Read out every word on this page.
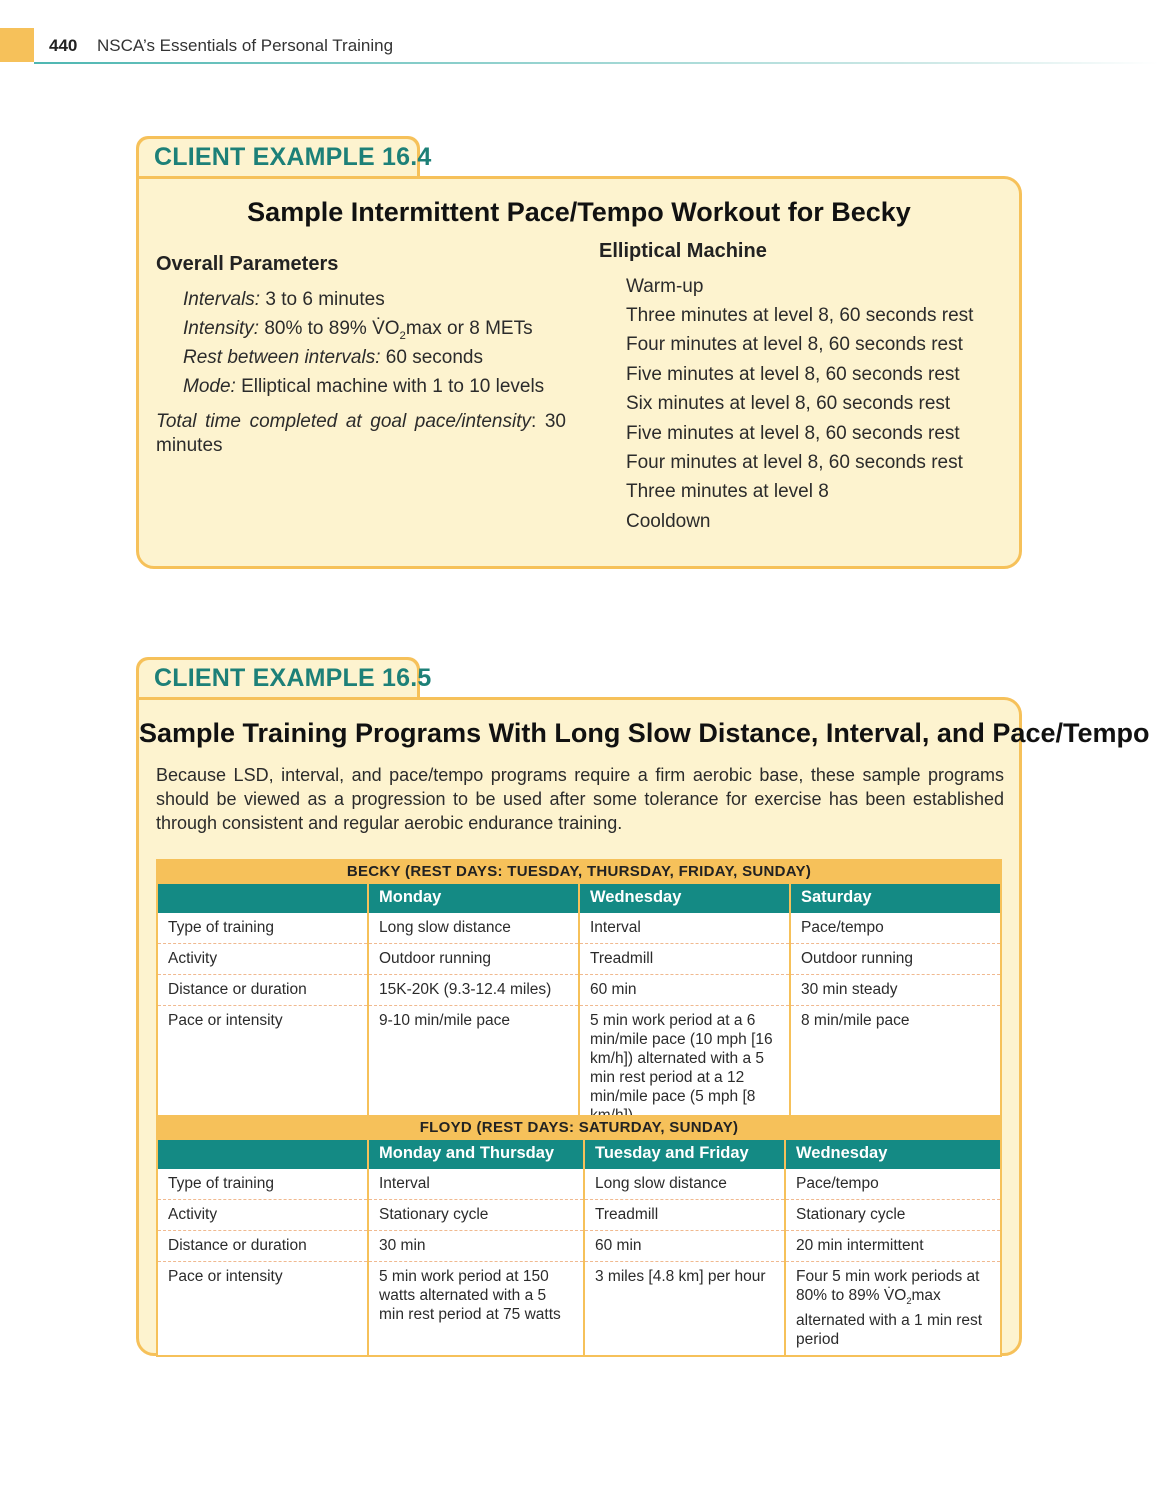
440 NSCA’s Essentials of Personal Training
CLIENT EXAMPLE 16.4
Sample Intermittent Pace/Tempo Workout for Becky
Overall Parameters
Intervals: 3 to 6 minutes
Intensity: 80% to 89% $V̇O_2\max$ or 8 METs
Rest between intervals: 60 seconds
Mode: Elliptical machine with 1 to 10 levels
Total time completed at goal pace/intensity: 30 minutes
Elliptical Machine
Warm-up
Three minutes at level 8, 60 seconds rest
Four minutes at level 8, 60 seconds rest
Five minutes at level 8, 60 seconds rest
Six minutes at level 8, 60 seconds rest
Five minutes at level 8, 60 seconds rest
Four minutes at level 8, 60 seconds rest
Three minutes at level 8
Cooldown
CLIENT EXAMPLE 16.5
Sample Training Programs With Long Slow Distance, Interval, and Pace/Tempo
Because LSD, interval, and pace/tempo programs require a firm aerobic base, these sample programs should be viewed as a progression to be used after some tolerance for exercise has been established through consistent and regular aerobic endurance training.
BECKY (REST DAYS: TUESDAY, THURSDAY, FRIDAY, SUNDAY)			
	Monday	Wednesday	Saturday
Type of training	Long slow distance	Interval	Pace/tempo
Activity	Outdoor running	Treadmill	Outdoor running
Distance or duration	15K-20K (9.3-12.4 miles)	60 min	30 min steady
Pace or intensity	9-10 min/mile pace	5 min work period at a 6 min/mile pace (10 mph [16 km/h]) alternated with a 5 min rest period at a 12 min/mile pace (5 mph [8	8 min/mile pace
FLOYD (REST DAYS: SATURDAY, SUNDAY)			
	Monday and Thursday	Tuesday and Friday	Wednesday
Type of training	Interval	Long slow distance	Pace/tempo
Activity	Stationary cycle	Treadmill	Stationary cycle
Distance or duration	30 min	60 min	20 min intermittent
Pace or intensity	5 min work period at 150 watts alternated with a 5 min rest period at 75 watts	3 miles [4.8 km] per hour	Four 5 min work periods at 80% to 89% $V̇O_2\max$ alternated with a 1 min rest period
